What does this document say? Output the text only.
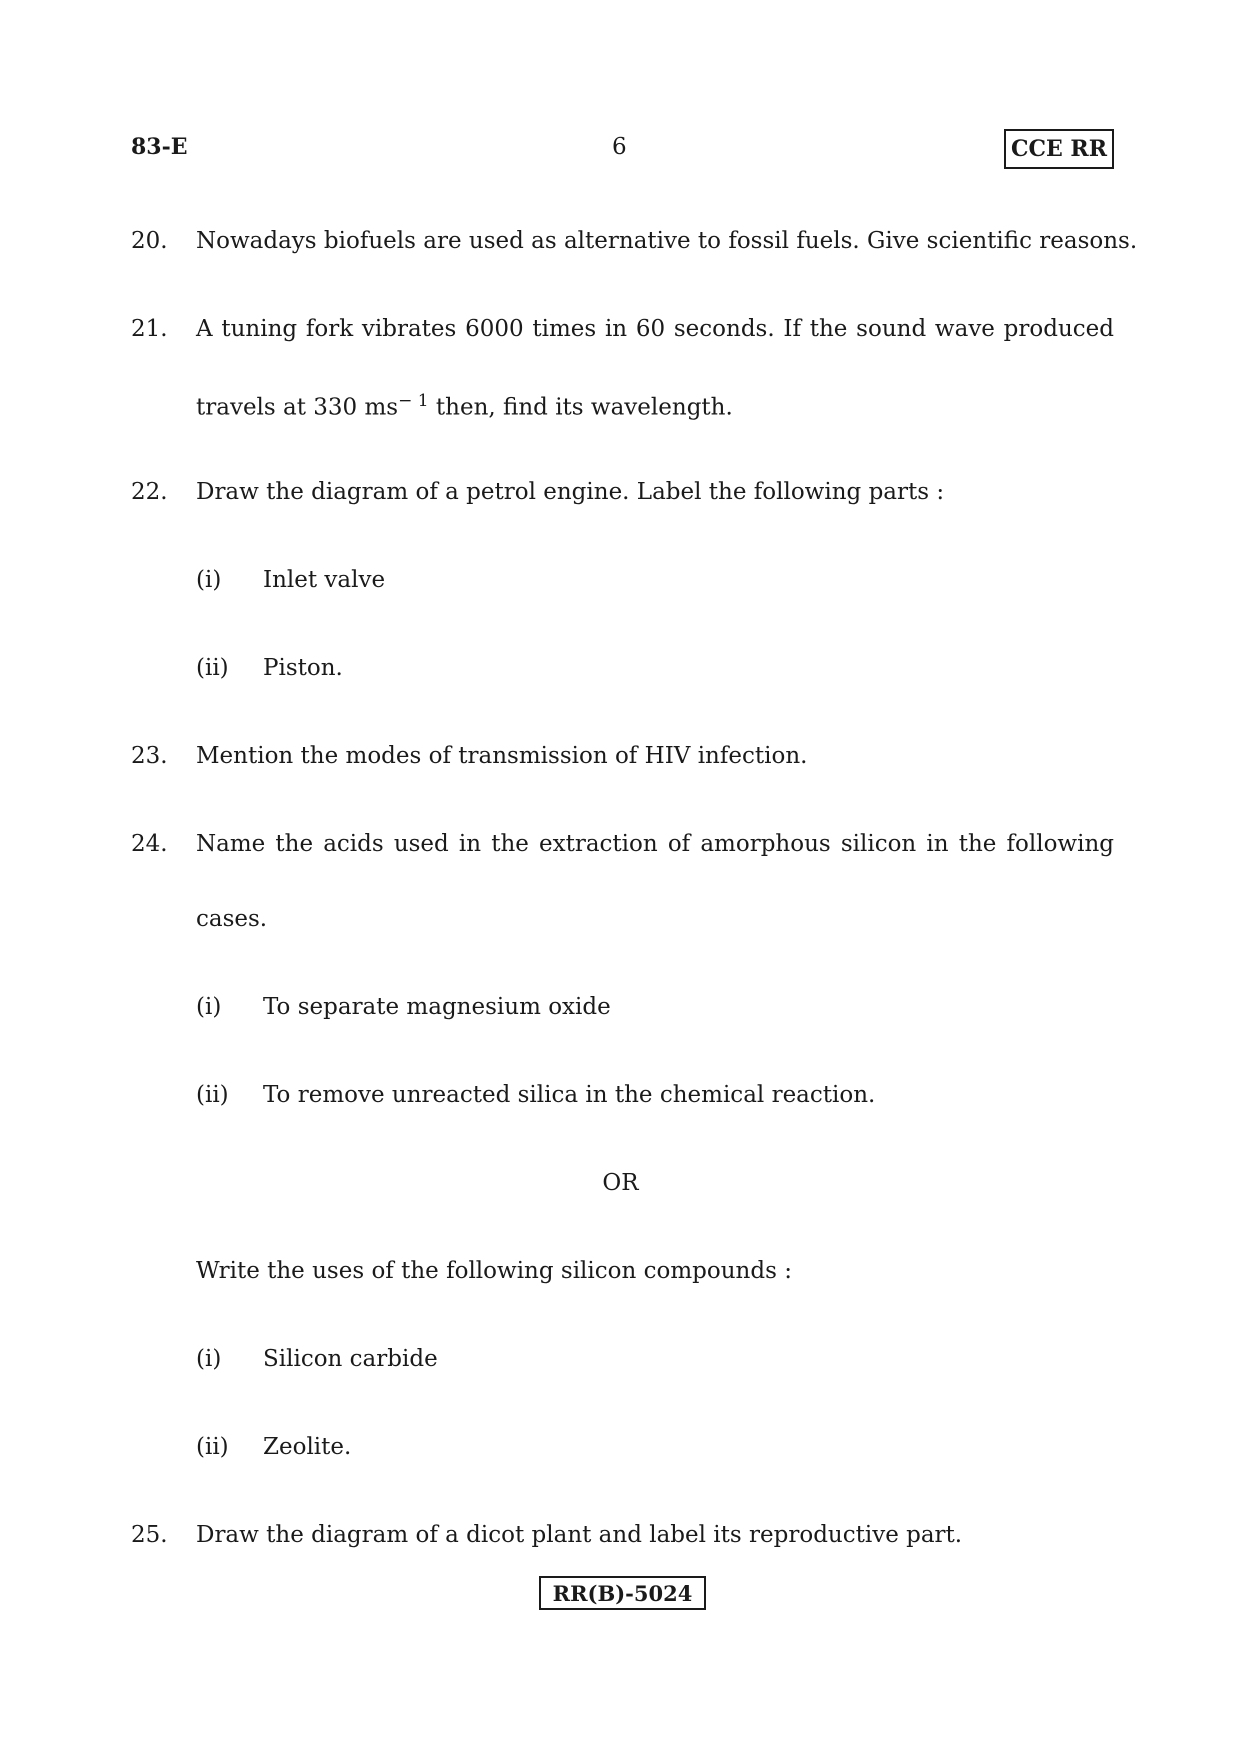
83-E	6	CCE RR
20. Nowadays biofuels are used as alternative to fossil fuels. Give scientific reasons.
21. A tuning fork vibrates 6000 times in 60 seconds. If the sound wave produced
travels at 330 $ms^{- 1}$ then, find its wavelength.
22. Draw the diagram of a petrol engine. Label the following parts :
(i) Inlet valve
(ii) Piston.
23. Mention the modes of transmission of HIV infection.
24. Name the acids used in the extraction of amorphous silicon in the following
cases.
(i) To separate magnesium oxide
(ii) To remove unreacted silica in the chemical reaction.
OR
Write the uses of the following silicon compounds :
(i) Silicon carbide
(ii) Zeolite.
25. Draw the diagram of a dicot plant and label its reproductive part.
RR(B)-5024
